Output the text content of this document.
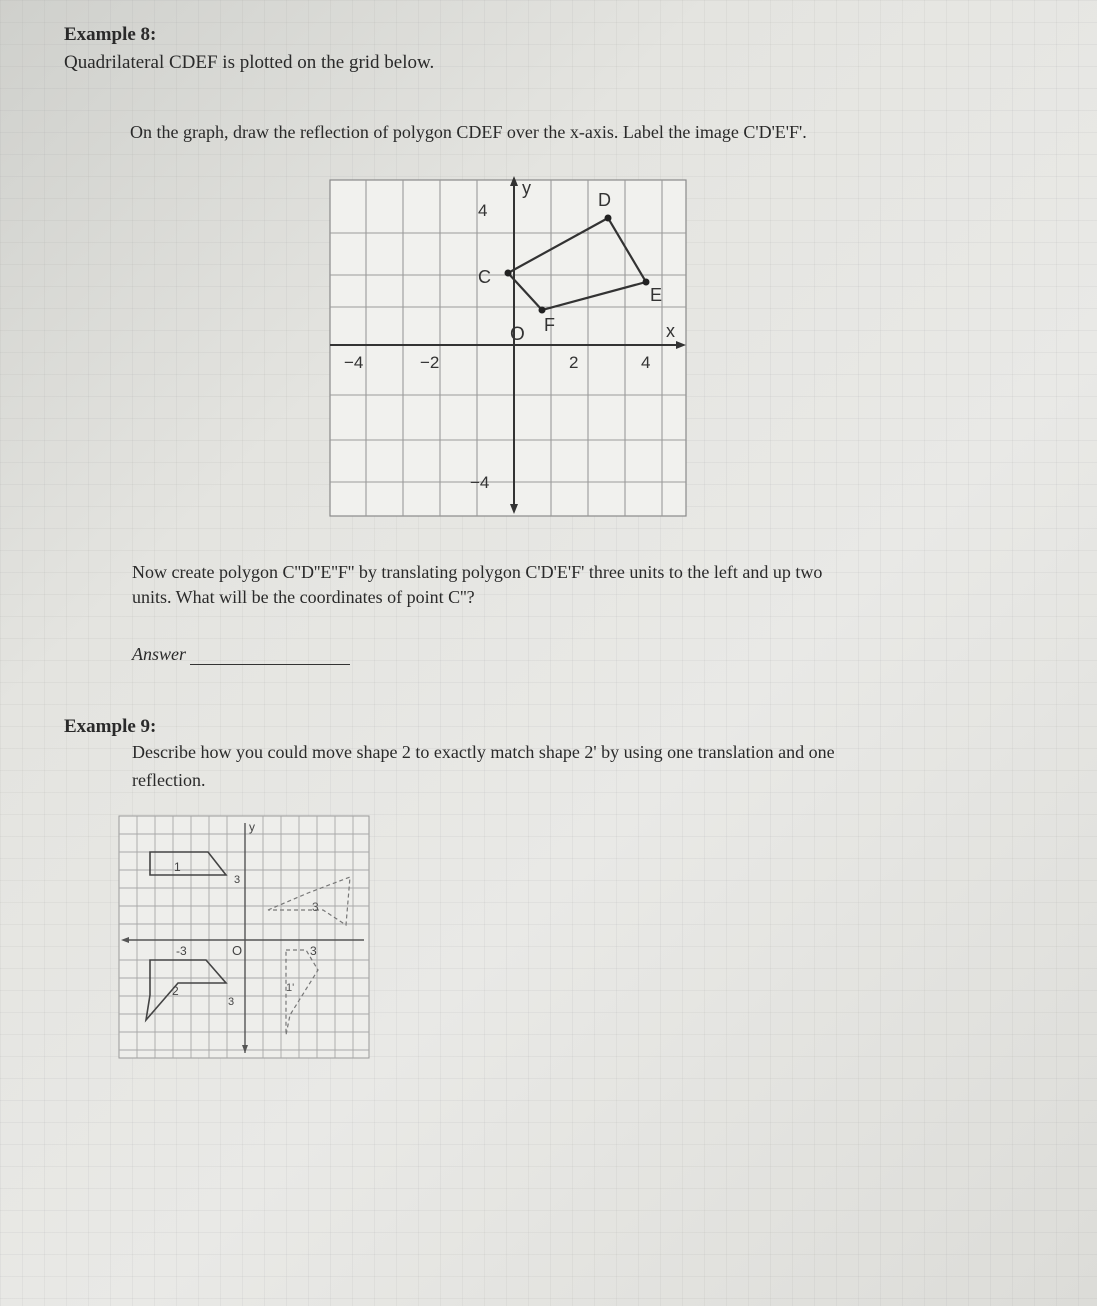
Example 8:
Quadrilateral CDEF is plotted on the grid below.
On the graph, draw the reflection of polygon CDEF over the x-axis. Label the image C'D'E'F'.
y
x
O
D
C
E
F
4
−4	−2	2	4
−4
Now create polygon C''D''E''F'' by translating polygon C'D'E'F' three units to the left and up two
units. What will be the coordinates of point C''?
Answer
Example 9:
Describe how you could move shape 2 to exactly match shape 2' by using one translation and one
reflection.
y
O
-3	3
3
3
1
2	1'
3
